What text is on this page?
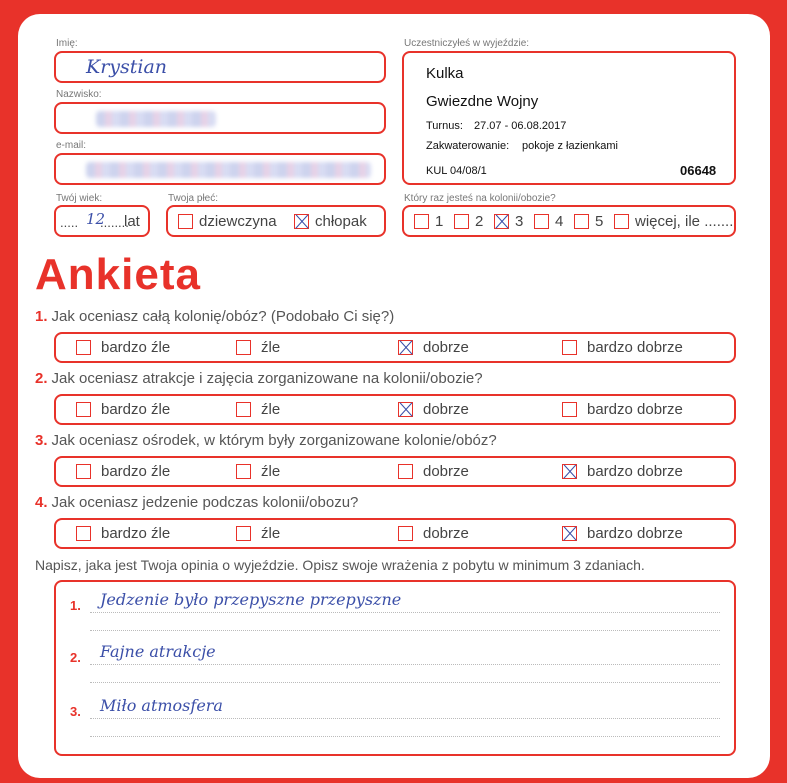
Imię:
Krystian
Nazwisko:
e-mail:
Twój wiek:
..... 12
........
lat
Twoja płeć:
dziewczyna	chłopak
Uczestniczyłeś w wyjeździe:
Kulka
Gwiezdne Wojny
Turnus: 27.07 - 06.08.2017
Zakwaterowanie: pokoje z łazienkami
KUL 04/08/1	06648
Który raz jesteś na kolonii/obozie?
1 2 3 4 5 więcej, ile .......
Ankieta
1. Jak oceniasz całą kolonię/obóz? (Podobało Ci się?)
bardzo źle	źle	dobrze	bardzo dobrze
2. Jak oceniasz atrakcje i zajęcia zorganizowane na kolonii/obozie?
bardzo źle	źle	dobrze	bardzo dobrze
3. Jak oceniasz ośrodek, w którym były zorganizowane kolonie/obóz?
bardzo źle	źle	dobrze	bardzo dobrze
4. Jak oceniasz jedzenie podczas kolonii/obozu?
bardzo źle	źle	dobrze	bardzo dobrze
Napisz, jaka jest Twoja opinia o wyjeździe. Opisz swoje wrażenia z pobytu w minimum 3 zdaniach.
1. Jedzenie było przepyszne przepyszne
2. Fajne atrakcje
3. Miło atmosfera
